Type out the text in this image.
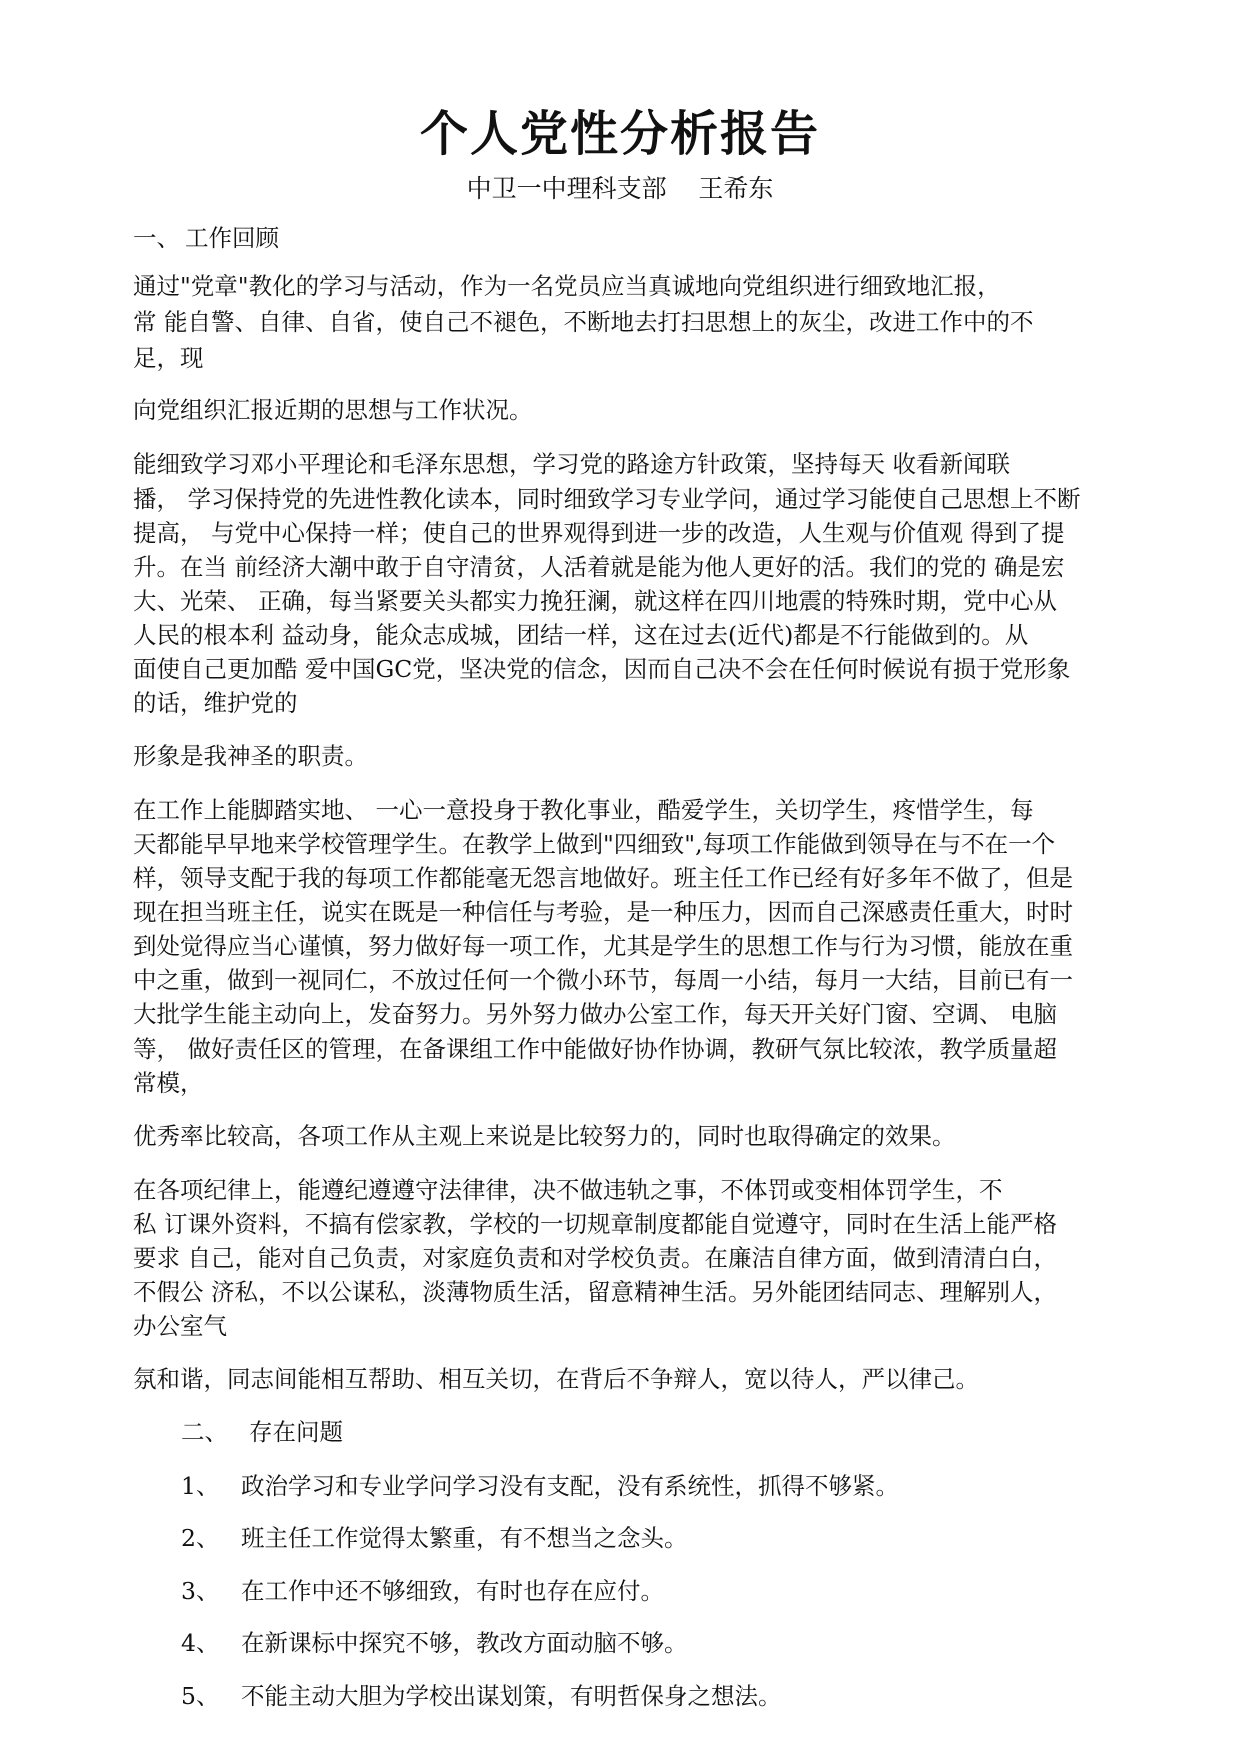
个人党性分析报告
中卫一中理科支部    王希东
一、 工作回顾
通过"党章"教化的学习与活动，作为一名党员应当真诚地向党组织进行细致地汇报，
常 能自警、自律、自省，使自己不褪色，不断地去打扫思想上的灰尘，改进工作中的不
足，现
向党组织汇报近期的思想与工作状况。
能细致学习邓小平理论和毛泽东思想，学习党的路途方针政策，坚持每天 收看新闻联
播， 学习保持党的先进性教化读本，同时细致学习专业学问，通过学习能使自己思想上不断
提高， 与党中心保持一样；使自己的世界观得到进一步的改造，人生观与价值观 得到了提
升。在当 前经济大潮中敢于自守清贫，人活着就是能为他人更好的活。我们的党的 确是宏
大、光荣、 正确，每当紧要关头都实力挽狂澜，就这样在四川地震的特殊时期，党中心从
人民的根本利 益动身，能众志成城，团结一样，这在过去(近代)都是不行能做到的。从
面使自己更加酷 爱中国GC党，坚决党的信念，因而自己决不会在任何时候说有损于党形象
的话，维护党的
形象是我神圣的职责。
在工作上能脚踏实地、 一心一意投身于教化事业，酷爱学生，关切学生，疼惜学生，每
天都能早早地来学校管理学生。在教学上做到"四细致",每项工作能做到领导在与不在一个
样，领导支配于我的每项工作都能毫无怨言地做好。班主任工作已经有好多年不做了，但是
现在担当班主任，说实在既是一种信任与考验，是一种压力，因而自己深感责任重大，时时
到处觉得应当心谨慎，努力做好每一项工作，尤其是学生的思想工作与行为习惯，能放在重
中之重，做到一视同仁，不放过任何一个微小环节，每周一小结，每月一大结，目前已有一
大批学生能主动向上，发奋努力。另外努力做办公室工作，每天开关好门窗、空调、 电脑
等， 做好责任区的管理，在备课组工作中能做好协作协调，教研气氛比较浓，教学质量超
常模，
优秀率比较高，各项工作从主观上来说是比较努力的，同时也取得确定的效果。
在各项纪律上，能遵纪遵遵守法律律，决不做违轨之事，不体罚或变相体罚学生，不
私 订课外资料，不搞有偿家教，学校的一切规章制度都能自觉遵守，同时在生活上能严格
要求 自己，能对自己负责，对家庭负责和对学校负责。在廉洁自律方面，做到清清白白，
不假公 济私，不以公谋私，淡薄物质生活，留意精神生活。另外能团结同志、理解别人，
办公室气
氛和谐，同志间能相互帮助、相互关切，在背后不争辩人，宽以待人，严以律己。
二、 存在问题
1、 政治学习和专业学问学习没有支配，没有系统性，抓得不够紧。
2、 班主任工作觉得太繁重，有不想当之念头。
3、 在工作中还不够细致，有时也存在应付。
4、 在新课标中探究不够，教改方面动脑不够。
5、 不能主动大胆为学校出谋划策，有明哲保身之想法。
